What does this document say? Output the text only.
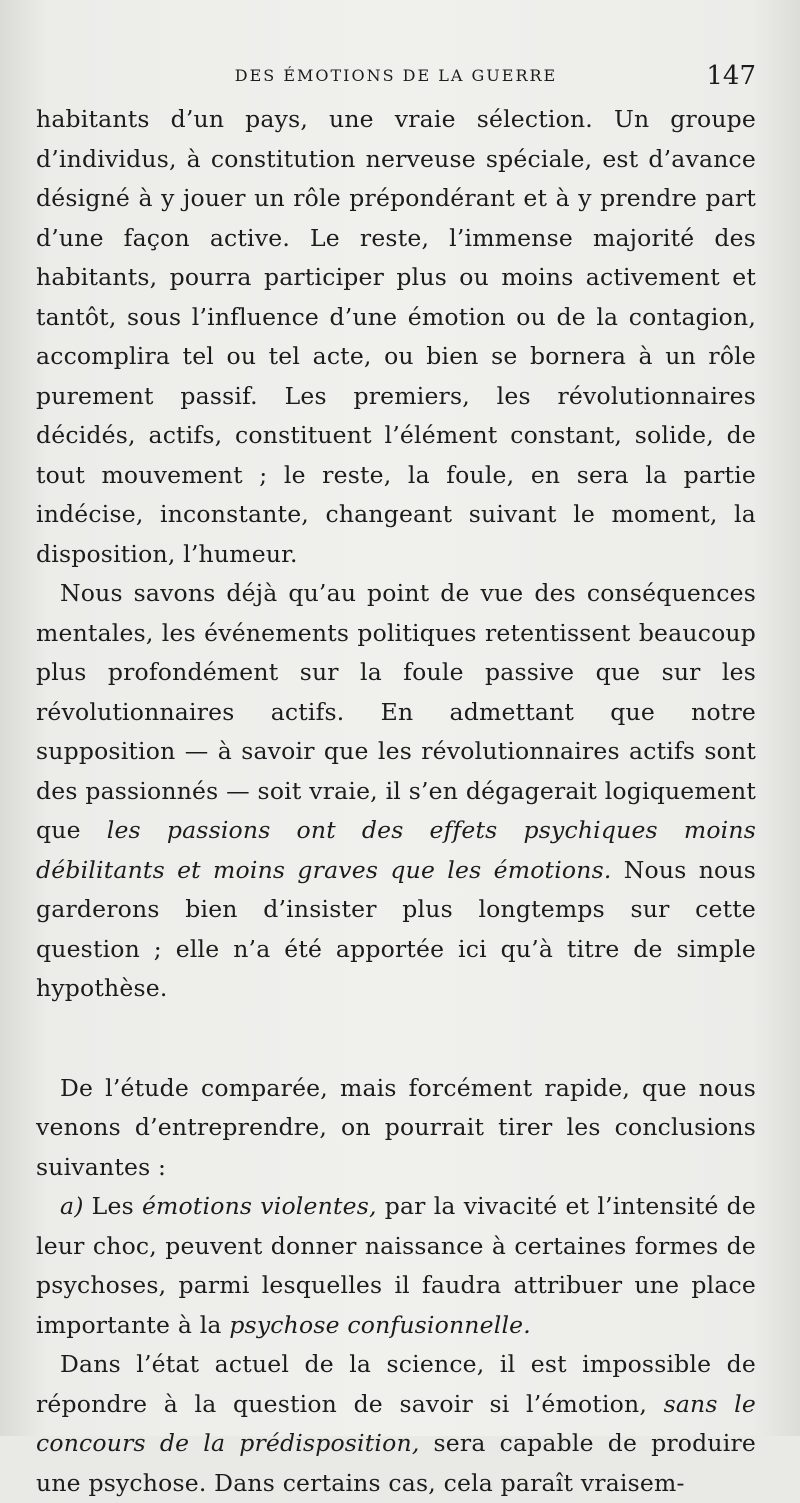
DES ÉMOTIONS DE LA GUERRE	147

habitants d’un pays, une vraie sélection. Un groupe d’individus, à constitution nerveuse spéciale, est d’avance désigné à y jouer un rôle prépondérant et à y prendre part d’une façon active. Le reste, l’immense majorité des habitants, pourra participer plus ou moins activement et tantôt, sous l’influence d’une émotion ou de la contagion, accomplira tel ou tel acte, ou bien se bornera à un rôle purement passif. Les premiers, les révolutionnaires décidés, actifs, constituent l’élément constant, solide, de tout mouvement ; le reste, la foule, en sera la partie indécise, inconstante, changeant suivant le moment, la disposition, l’humeur.

Nous savons déjà qu’au point de vue des conséquences mentales, les événements politiques retentissent beaucoup plus profondément sur la foule passive que sur les révolutionnaires actifs. En admettant que notre supposition — à savoir que les révolutionnaires actifs sont des passionnés — soit vraie, il s’en dégagerait logiquement que les passions ont des effets psychiques moins débilitants et moins graves que les émotions. Nous nous garderons bien d’insister plus longtemps sur cette question ; elle n’a été apportée ici qu’à titre de simple hypothèse.

De l’étude comparée, mais forcément rapide, que nous venons d’entreprendre, on pourrait tirer les conclusions suivantes :

a) Les émotions violentes, par la vivacité et l’intensité de leur choc, peuvent donner naissance à certaines formes de psychoses, parmi lesquelles il faudra attribuer une place importante à la psychose confusionnelle.

Dans l’état actuel de la science, il est impossible de répondre à la question de savoir si l’émotion, sans le concours de la prédisposition, sera capable de produire une psychose. Dans certains cas, cela paraît vraisem-
